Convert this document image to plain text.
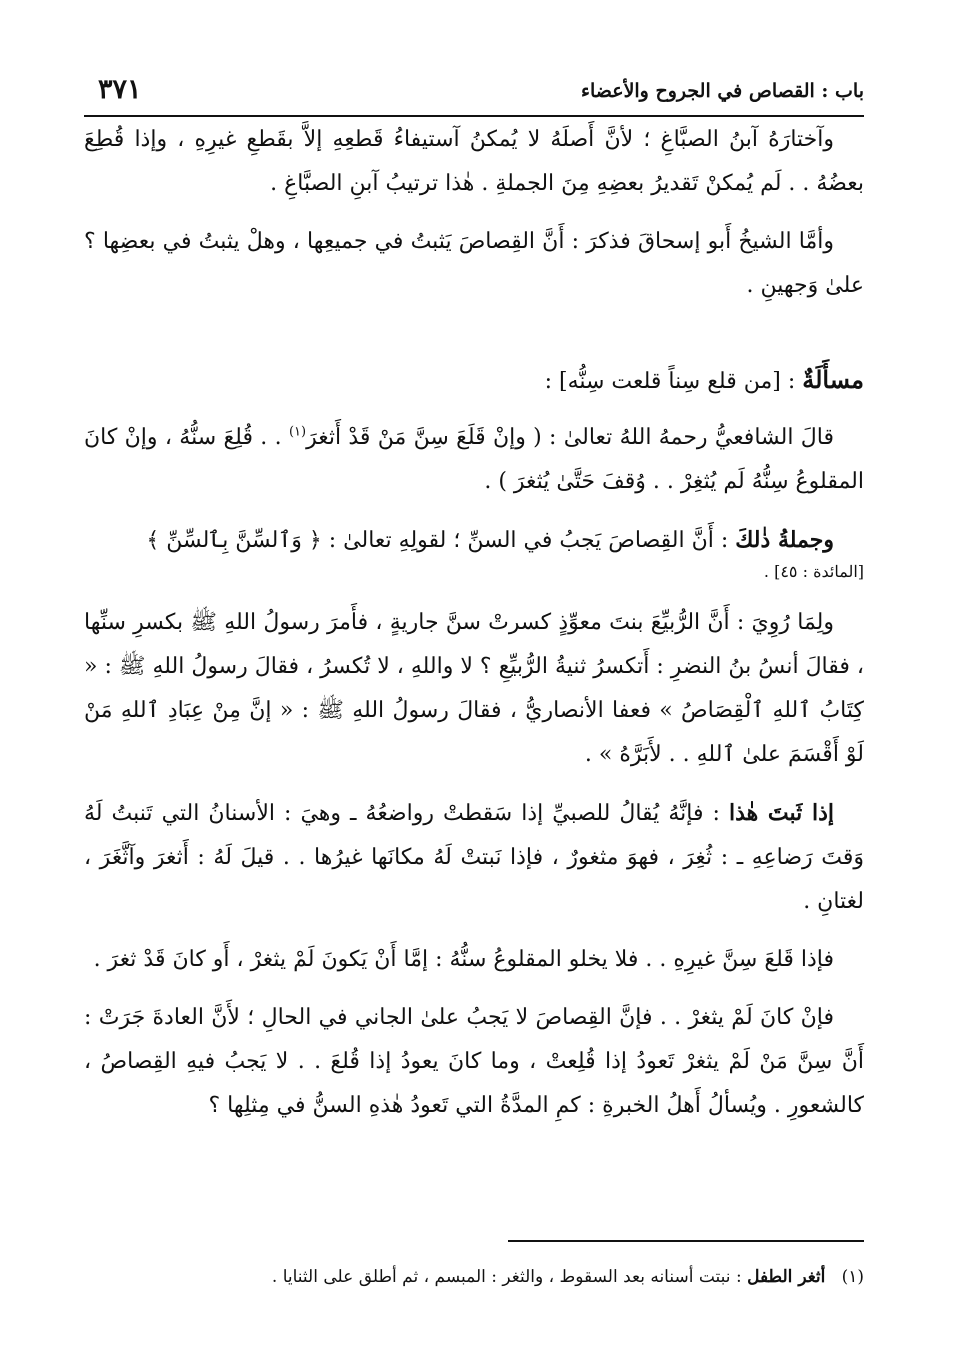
باب : القصاص في الجروح والأعضاء
٣٧١

وآختارَهُ آبنُ الصبَّاغِ ؛ لأنَّ أَصلَهُ لا يُمكنُ آستيفاءُ قَطعِهِ إلاَّ بقَطعِ غيرِهِ ، وإذا قُطِعَ بعضُهُ . . لَم يُمكنْ تَقديرُ بعضِهِ مِنَ الجملةِ . هٰذا ترتيبُ آبنِ الصبَّاغِ .

وأمَّا الشيخُ أَبو إسحاقَ فذكرَ : أَنَّ القِصاصَ يَثبتُ في جميعِها ، وهلْ يثبتُ في بعضِها ؟ علىٰ وَجهينِ .

مسأَلَةٌ : [من قلع سِناً قلعت سِنُّه] :

قالَ الشافعيُّ رحمهُ اللهُ تعالىٰ : ( وإنْ قَلَعَ سِنَّ مَنْ قَدْ أَثغرَ$^{(١)}$ . . قُلِعَ سنُّهُ ، وإنْ كانَ المقلوعُ سِنُّهُ لَم يُثغِرْ . . وُقفَ حَتَّىٰ يُثغرَ ) .

وجملةُ ذٰلكَ : أَنَّ القِصاصَ يَجبُ في السنِّ ؛ لقولِهِ تعالىٰ : ﴿ وَٱلسِّنَّ بِٱلسِّنِّ ﴾

[المائدة : ٤٥] .

ولِمَا رُوِيَ : أَنَّ الرُّبيِّعَ بنتَ معوِّذٍ كسرتْ سنَّ جاريةٍ ، فأَمرَ رسولُ اللهِ ﷺ بكسرِ سنِّها ، فقالَ أنسُ بنُ النضرِ : أَتكسرُ ثنيةُ الرُّبيِّعِ ؟ لا واللهِ ، لا تُكسرُ ، فقالَ رسولُ اللهِ ﷺ : « كِتَابُ ٱللهِ ٱلْقِصَاصُ » فعفا الأنصاريُّ ، فقالَ رسولُ اللهِ ﷺ : « إنَّ مِنْ عِبَادِ ٱللهِ مَنْ لَوْ أَقْسَمَ علىٰ ٱللهِ . . لأَبَرَّهُ » .

إذا ثَبتَ هٰذا : فإنَّهُ يُقالُ للصبيِّ إذا سَقطتْ رواضعُهُ ـ وهيَ : الأسنانُ التي تَنبتُ لَهُ وَقتَ رَضاعِهِ ـ : ثُغِرَ ، فهوَ مثغورٌ ، فإذا نَبتتْ لَهُ مكانَها غيرُها . . قيلَ لَهُ : أَثغرَ وآثَّغَرَ ، لغتانِ .

فإذا قَلعَ سِنَّ غيرِهِ . . فلا يخلو المقلوعُ سنُّهُ : إمَّا أَنْ يَكونَ لَمْ يثغرْ ، أَو كانَ قَدْ ثغرَ .

فإنْ كانَ لَمْ يثغرْ . . فإنَّ القِصاصَ لا يَجبُ علىٰ الجاني في الحالِ ؛ لأَنَّ العادةَ جَرَتْ : أَنَّ سِنَّ مَنْ لَمْ يثغرْ تَعودُ إذا قُلِعتْ ، وما كانَ يعودُ إذا قُلعَ . . لا يَجبُ فيهِ القِصاصُ ، كالشعورِ . ويُسألُ أَهلُ الخبرةِ : كمِ المدَّةُ التي تَعودُ هٰذهِ السنُّ في مِثلِها ؟

(١)   أثغر الطفل : نبتت أسنانه بعد السقوط ، والثغر : المبسم ، ثم أطلق على الثنايا .
